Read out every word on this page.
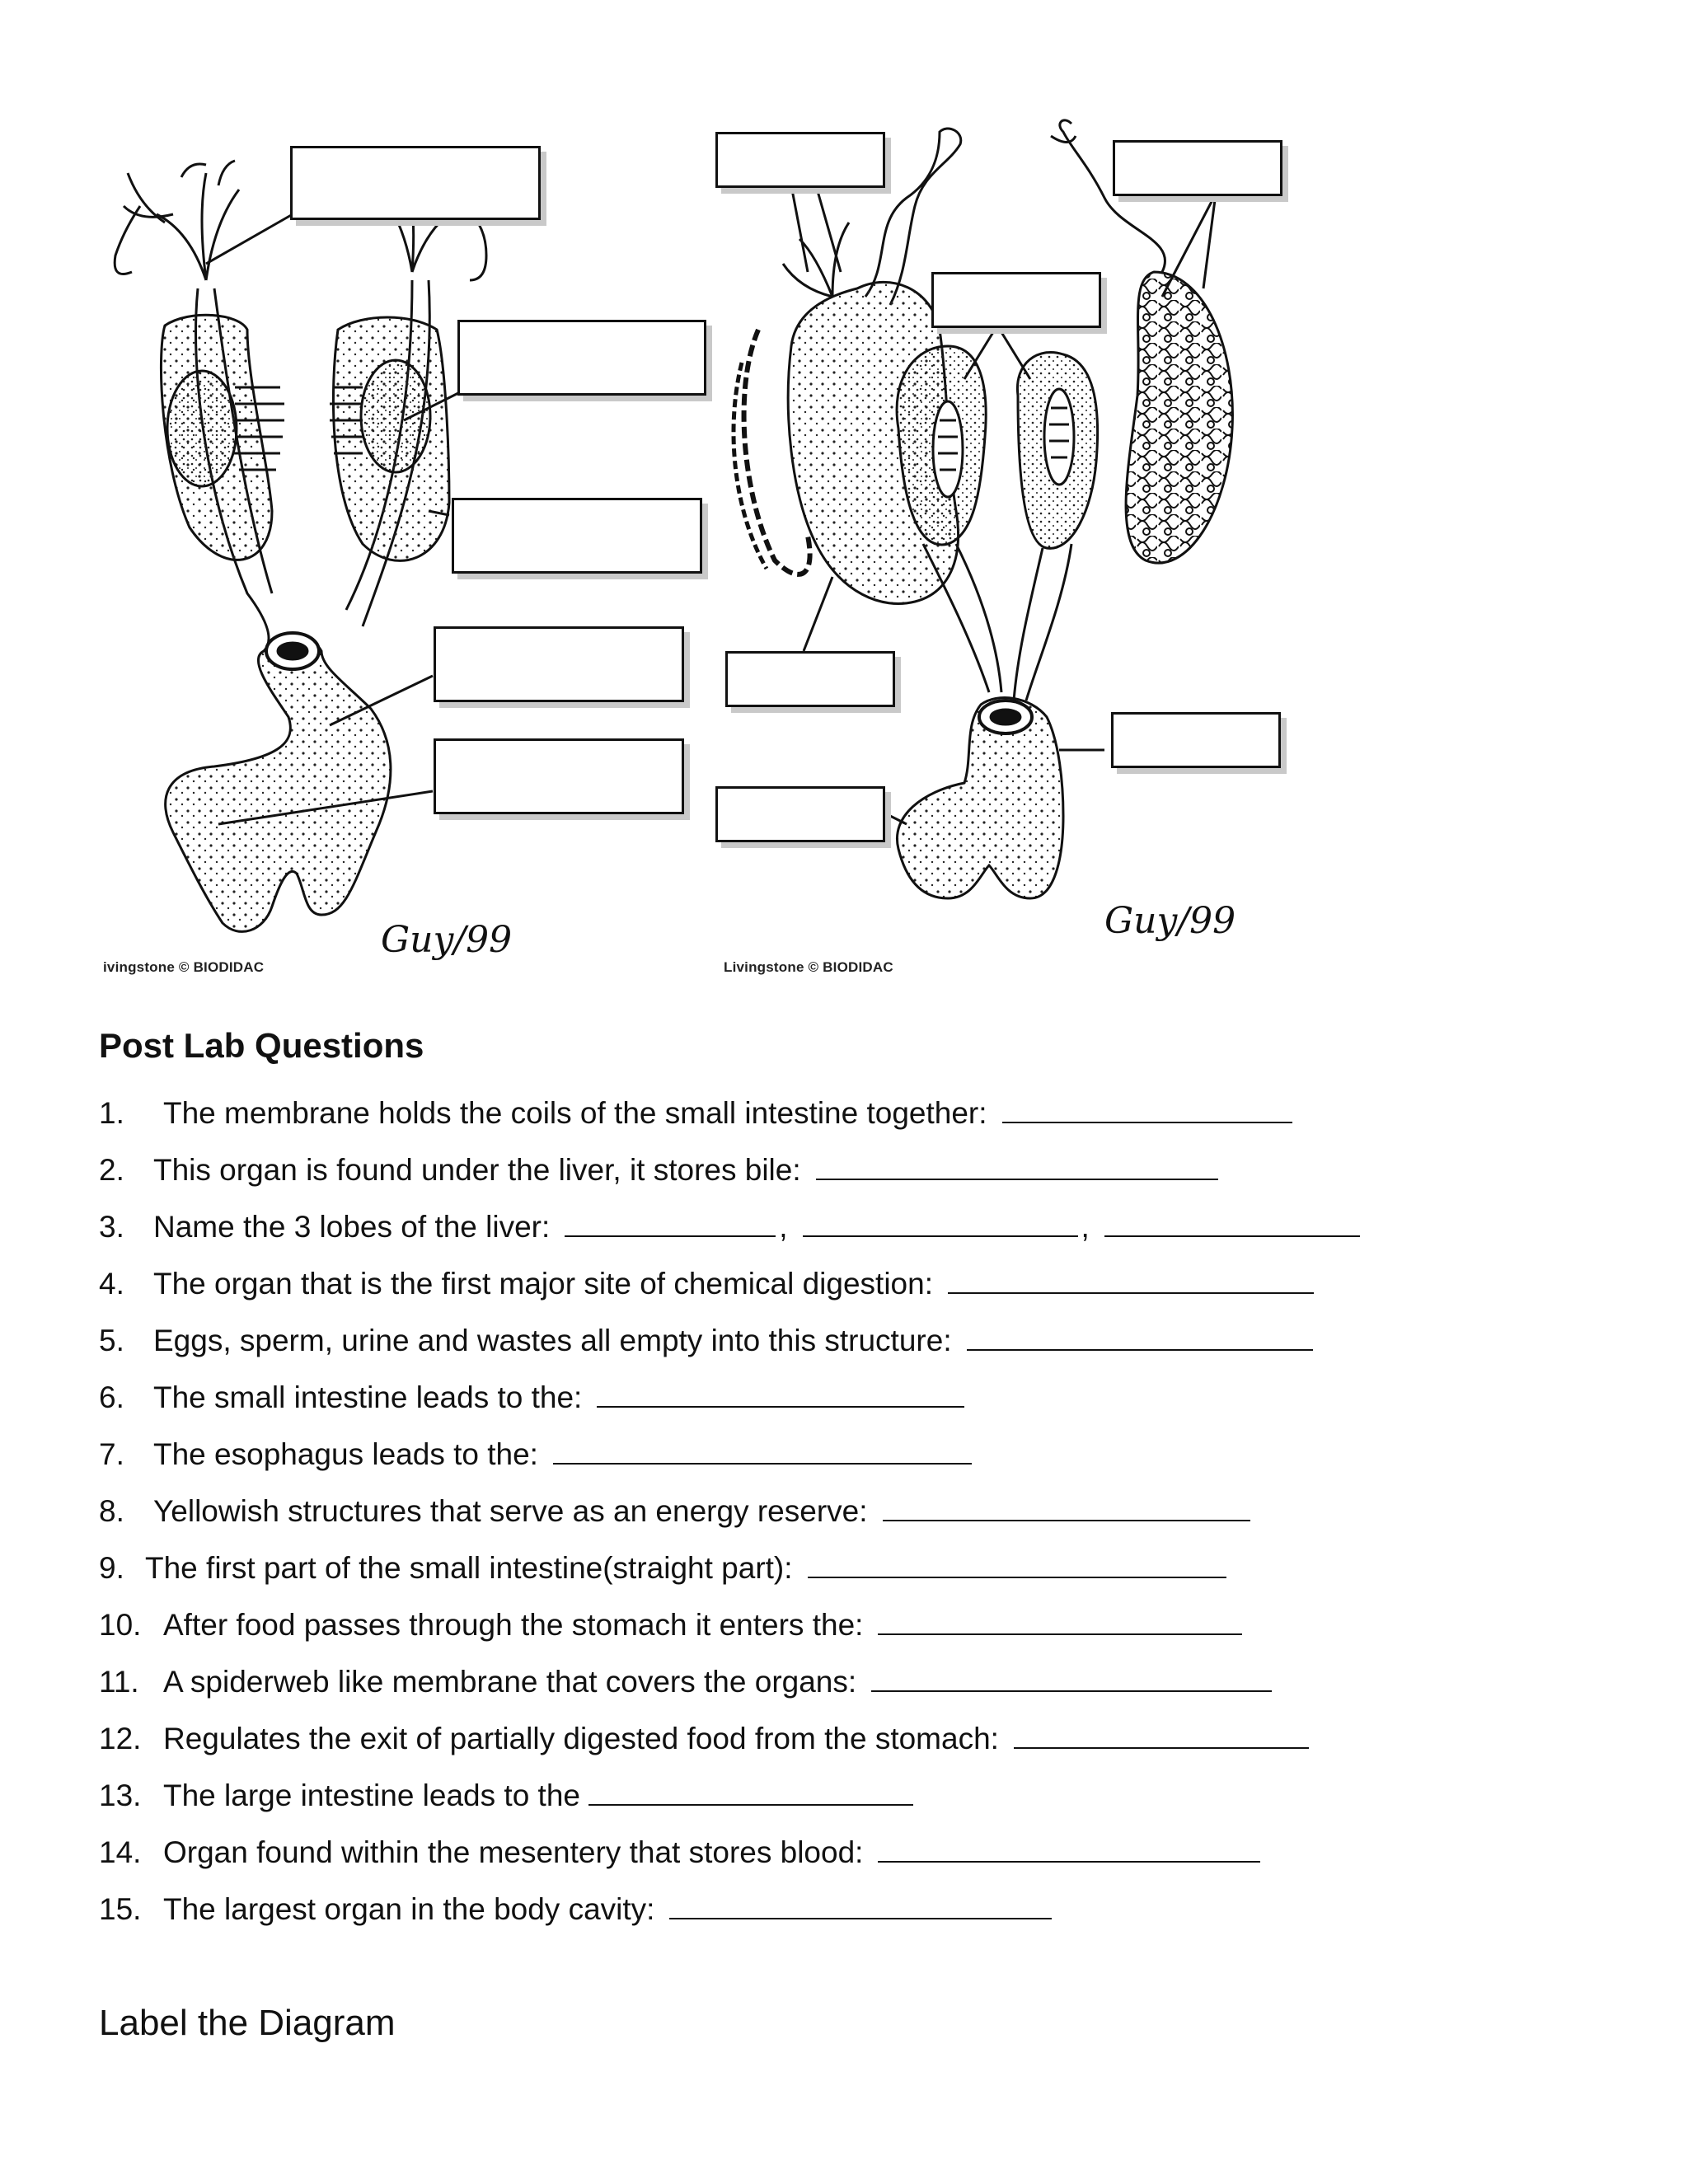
ivingstone © BIODIDAC
Guy/99
Livingstone © BIODIDAC
Guy/99
Post Lab Questions
1.	The membrane holds the coils of the small intestine together:
2. This organ is found under the liver, it stores bile:
3. Name the 3 lobes of the liver:	,	,
4. The organ that is the first major site of chemical digestion:
5. Eggs, sperm, urine and wastes all empty into this structure:
6. The small intestine leads to the:
7. The esophagus leads to the:
8. Yellowish structures that serve as an energy reserve:
9. The first part of the small intestine(straight part):
10. After food passes through the stomach it enters the:
11. A spiderweb like membrane that covers the organs:
12. Regulates the exit of partially digested food from the stomach:
13. The large intestine leads to the
14. Organ found within the mesentery that stores blood:
15. The largest organ in the body cavity:
Label the Diagram
